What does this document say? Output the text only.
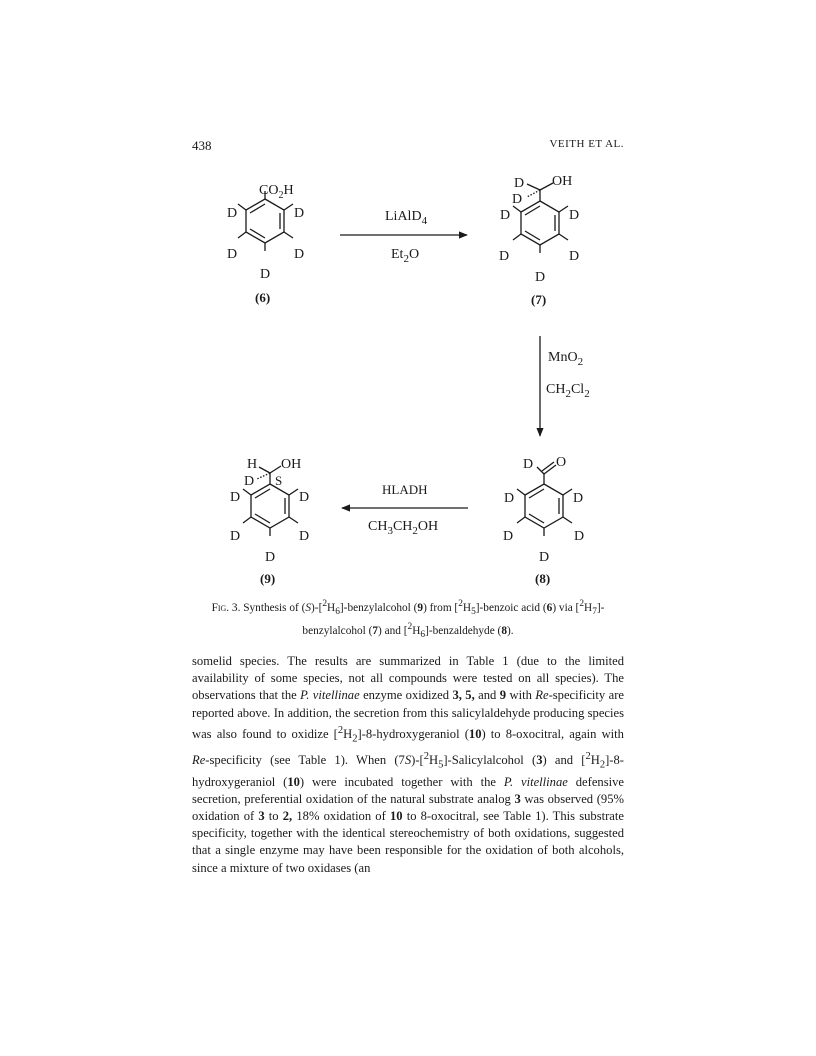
438	VEITH ET AL.
$CO_2H$
D	D
D	D
D
(6)
D OH
D
D	D
D	D
D
(7)
D O
D	D
D	D
D
(8)
H OH
D S
D	D
D	D
D
(9)
LiAlD$_4$
$Et_2O$
MnO$_2$
$CH_2Cl_2$
HLADH
$CH_3CH_2OH$
Fig. 3. Synthesis of $(S)-[^2H_6]$-benzylalcohol (9) from $[^2H_5]$-benzoic acid (6) via $[^2H_7]$-benzylalcohol (7) and $[^2H_6]$-benzaldehyde (8).

somelid species. The results are summarized in Table 1 (due to the limited availability of some species, not all compounds were tested on all species). The observations that the P. vitellinae enzyme oxidized 3, 5, and 9 with Re-specificity are reported above. In addition, the secretion from this salicylaldehyde producing species was also found to oxidize $[^2H_2]-8$-hydroxygeraniol (10) to 8-oxocitral, again with Re-specificity (see Table 1). When $(7S)-[^2H_5]$-Salicylalcohol (3) and $[^2H_2]-8$-hydroxygeraniol (10) were incubated together with the P. vitellinae defensive secretion, preferential oxidation of the natural substrate analog 3 was observed (95% oxidation of 3 to 2, 18% oxidation of 10 to 8-oxocitral, see Table 1). This substrate specificity, together with the identical stereochemistry of both oxidations, suggested that a single enzyme may have been responsible for the oxidation of both alcohols, since a mixture of two oxidases (an
